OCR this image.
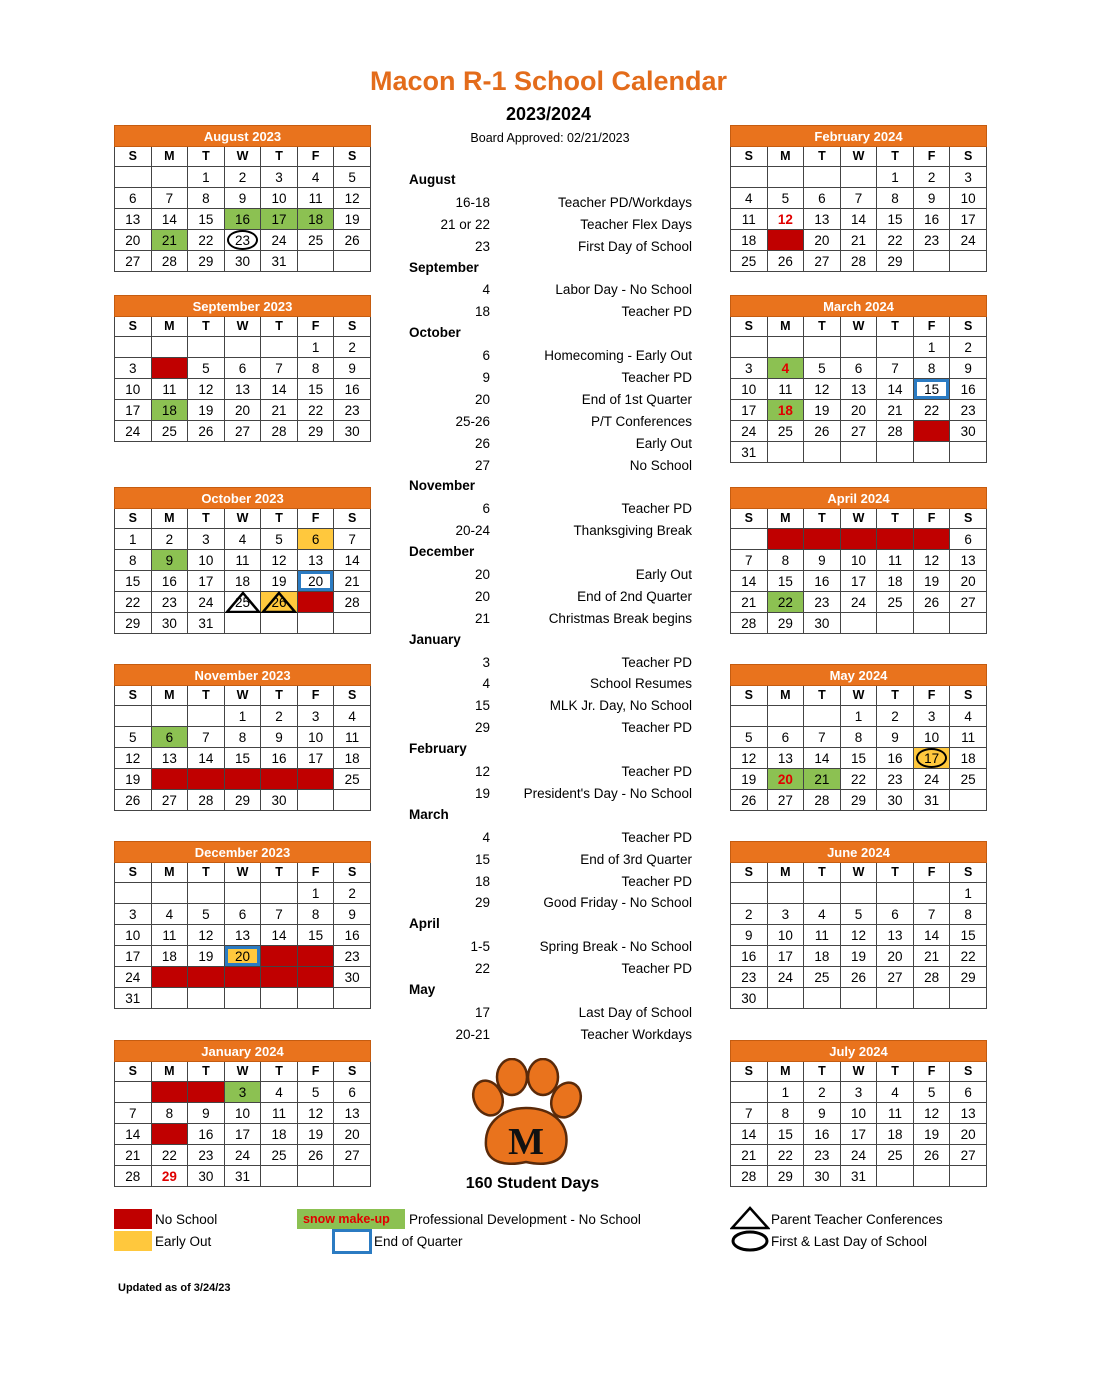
Macon R-1 School Calendar
2023/2024
Board Approved: 02/21/2023
August 2023						
S	M	T	W	T	F	S
		1	2	3	4	5
6	7	8	9	10	11	12
13	14	15	16	17	18	19
20	21	22	23	24	25	26
27	28	29	30	31		
September 2023						
S	M	T	W	T	F	S
					1	2
3	4	5	6	7	8	9
10	11	12	13	14	15	16
17	18	19	20	21	22	23
24	25	26	27	28	29	30
October 2023						
S	M	T	W	T	F	S
1	2	3	4	5	6	7
8	9	10	11	12	13	14
15	16	17	18	19	20	21
22	23	24	25	26	27	28
29	30	31				
November 2023						
S	M	T	W	T	F	S
			1	2	3	4
5	6	7	8	9	10	11
12	13	14	15	16	17	18
19	20	21	22	23	24	25
26	27	28	29	30		
December 2023						
S	M	T	W	T	F	S
					1	2
3	4	5	6	7	8	9
10	11	12	13	14	15	16
17	18	19	20	21	22	23
24	25	26	27	28	29	30
31						
January 2024						
S	M	T	W	T	F	S
	1	2	3	4	5	6
7	8	9	10	11	12	13
14	15	16	17	18	19	20
21	22	23	24	25	26	27
28	29	30	31			
February 2024						
S	M	T	W	T	F	S
				1	2	3
4	5	6	7	8	9	10
11	12	13	14	15	16	17
18	19	20	21	22	23	24
25	26	27	28	29		
March 2024						
S	M	T	W	T	F	S
					1	2
3	4	5	6	7	8	9
10	11	12	13	14	15	16
17	18	19	20	21	22	23
24	25	26	27	28	29	30
31						
April 2024						
S	M	T	W	T	F	S
	1	2	3	4	5	6
7	8	9	10	11	12	13
14	15	16	17	18	19	20
21	22	23	24	25	26	27
28	29	30				
May 2024						
S	M	T	W	T	F	S
			1	2	3	4
5	6	7	8	9	10	11
12	13	14	15	16	17	18
19	20	21	22	23	24	25
26	27	28	29	30	31	
June 2024						
S	M	T	W	T	F	S
						1
2	3	4	5	6	7	8
9	10	11	12	13	14	15
16	17	18	19	20	21	22
23	24	25	26	27	28	29
30						
July 2024						
S	M	T	W	T	F	S
	1	2	3	4	5	6
7	8	9	10	11	12	13
14	15	16	17	18	19	20
21	22	23	24	25	26	27
28	29	30	31			
August
16-18	Teacher PD/Workdays
21 or 22	Teacher Flex Days
23	First Day of School
September
4	Labor Day - No School
18	Teacher PD
October
6	Homecoming - Early Out
9	Teacher PD
20	End of 1st Quarter
25-26	P/T Conferences
26	Early Out
27	No School
November
6	Teacher PD
20-24	Thanksgiving Break
December
20	Early Out
20	End of 2nd Quarter
21	Christmas Break begins
January
3	Teacher PD
4	School Resumes
15	MLK Jr. Day, No School
29	Teacher PD
February
12	Teacher PD
19	President's Day - No School
March
4	Teacher PD
15	End of 3rd Quarter
18	Teacher PD
29	Good Friday - No School
April
1-5	Spring Break - No School
22	Teacher PD
May
17	Last Day of School
20-21	Teacher Workdays
M
160 Student Days
No School
Early Out
snow make-up Professional Development - No School
End of Quarter
Parent Teacher Conferences
First & Last Day of School
Updated as of 3/24/23
